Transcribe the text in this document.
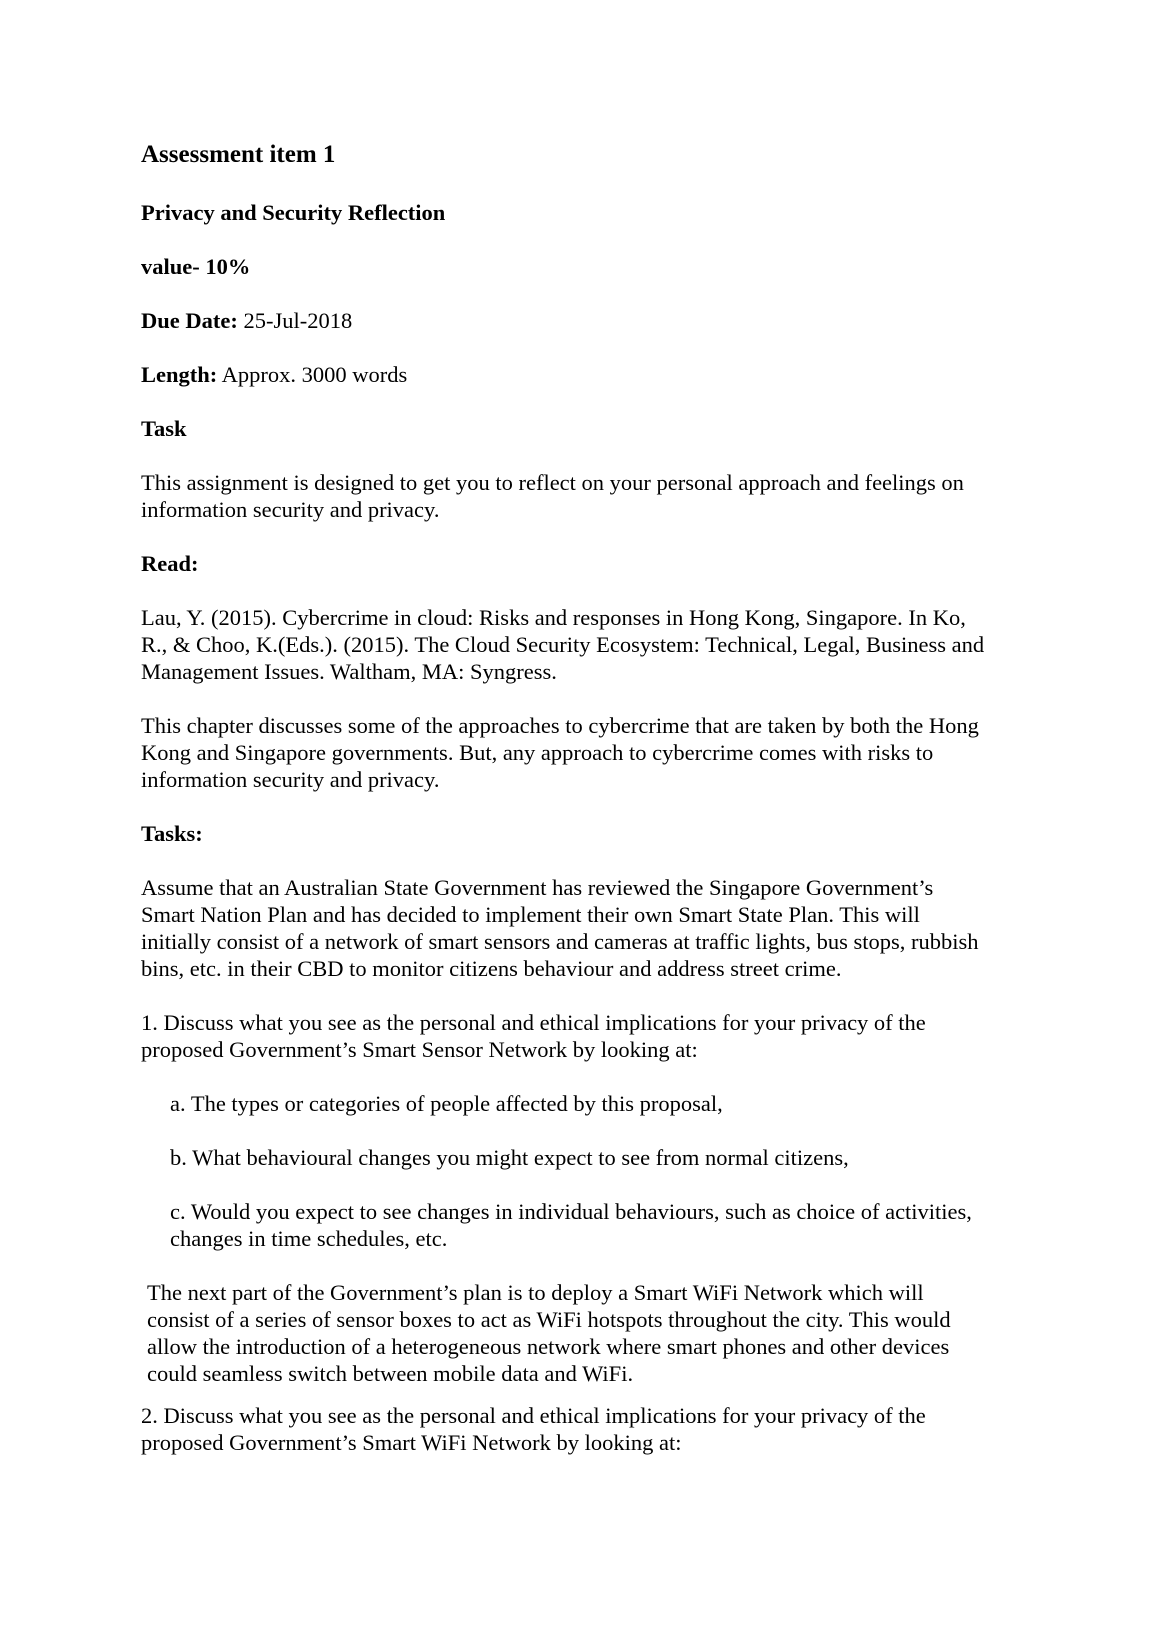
Assessment item 1

Privacy and Security Reflection

value- 10%

Due Date: 25-Jul-2018

Length: Approx. 3000 words

Task

This assignment is designed to get you to reflect on your personal approach and feelings on
information security and privacy.

Read:

Lau, Y. (2015). Cybercrime in cloud: Risks and responses in Hong Kong, Singapore. In Ko,
R., & Choo, K.(Eds.). (2015). The Cloud Security Ecosystem: Technical, Legal, Business and
Management Issues. Waltham, MA: Syngress.

This chapter discusses some of the approaches to cybercrime that are taken by both the Hong
Kong and Singapore governments. But, any approach to cybercrime comes with risks to
information security and privacy.

Tasks:

Assume that an Australian State Government has reviewed the Singapore Government’s
Smart Nation Plan and has decided to implement their own Smart State Plan. This will
initially consist of a network of smart sensors and cameras at traffic lights, bus stops, rubbish
bins, etc. in their CBD to monitor citizens behaviour and address street crime.

1. Discuss what you see as the personal and ethical implications for your privacy of the
proposed Government’s Smart Sensor Network by looking at:

a. The types or categories of people affected by this proposal,

b. What behavioural changes you might expect to see from normal citizens,

c. Would you expect to see changes in individual behaviours, such as choice of activities,
changes in time schedules, etc.

The next part of the Government’s plan is to deploy a Smart WiFi Network which will
consist of a series of sensor boxes to act as WiFi hotspots throughout the city. This would
allow the introduction of a heterogeneous network where smart phones and other devices
could seamless switch between mobile data and WiFi.

2. Discuss what you see as the personal and ethical implications for your privacy of the
proposed Government’s Smart WiFi Network by looking at:
